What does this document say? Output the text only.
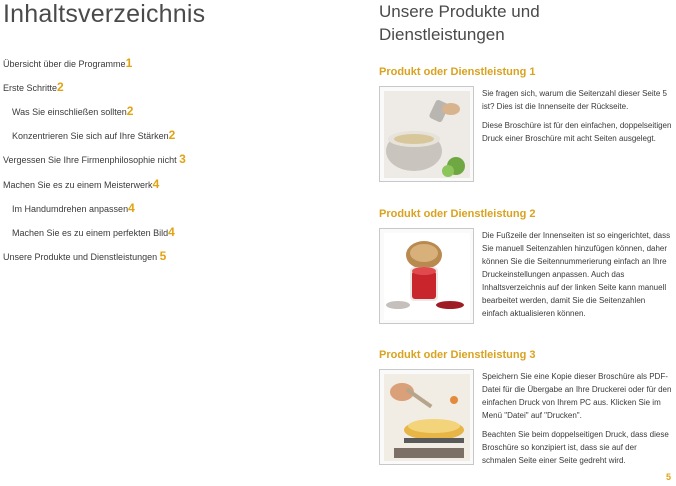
Inhaltsverzeichnis
Übersicht über die Programme1
Erste Schritte2
Was Sie einschließen sollten2
Konzentrieren Sie sich auf Ihre Stärken2
Vergessen Sie Ihre Firmenphilosophie nicht 3
Machen Sie es zu einem Meisterwerk4
Im Handumdrehen anpassen4
Machen Sie es zu einem perfekten Bild4
Unsere Produkte und Dienstleistungen 5
Unsere Produkte und Dienstleistungen
Produkt oder Dienstleistung 1

Sie fragen sich, warum die Seitenzahl dieser Seite 5 ist? Dies ist die Innenseite der Rückseite.

Diese Broschüre ist für den einfachen, doppelseitigen Druck einer Broschüre mit acht Seiten ausgelegt.

Produkt oder Dienstleistung 2

Die Fußzeile der Innenseiten ist so eingerichtet, dass Sie manuell Seitenzahlen hinzufügen können, daher können Sie die Seitennummerierung einfach an Ihre Druckeinstellungen anpassen. Auch das Inhaltsverzeichnis auf der linken Seite kann manuell bearbeitet werden, damit Sie die Seitenzahlen einfach aktualisieren können.

Produkt oder Dienstleistung 3

Speichern Sie eine Kopie dieser Broschüre als PDF-Datei für die Übergabe an Ihre Druckerei oder für den einfachen Druck von Ihrem PC aus. Klicken Sie im Menü "Datei" auf "Drucken".

Beachten Sie beim doppelseitigen Druck, dass diese Broschüre so konzipiert ist, dass sie auf der schmalen Seite einer Seite gedreht wird.

5
